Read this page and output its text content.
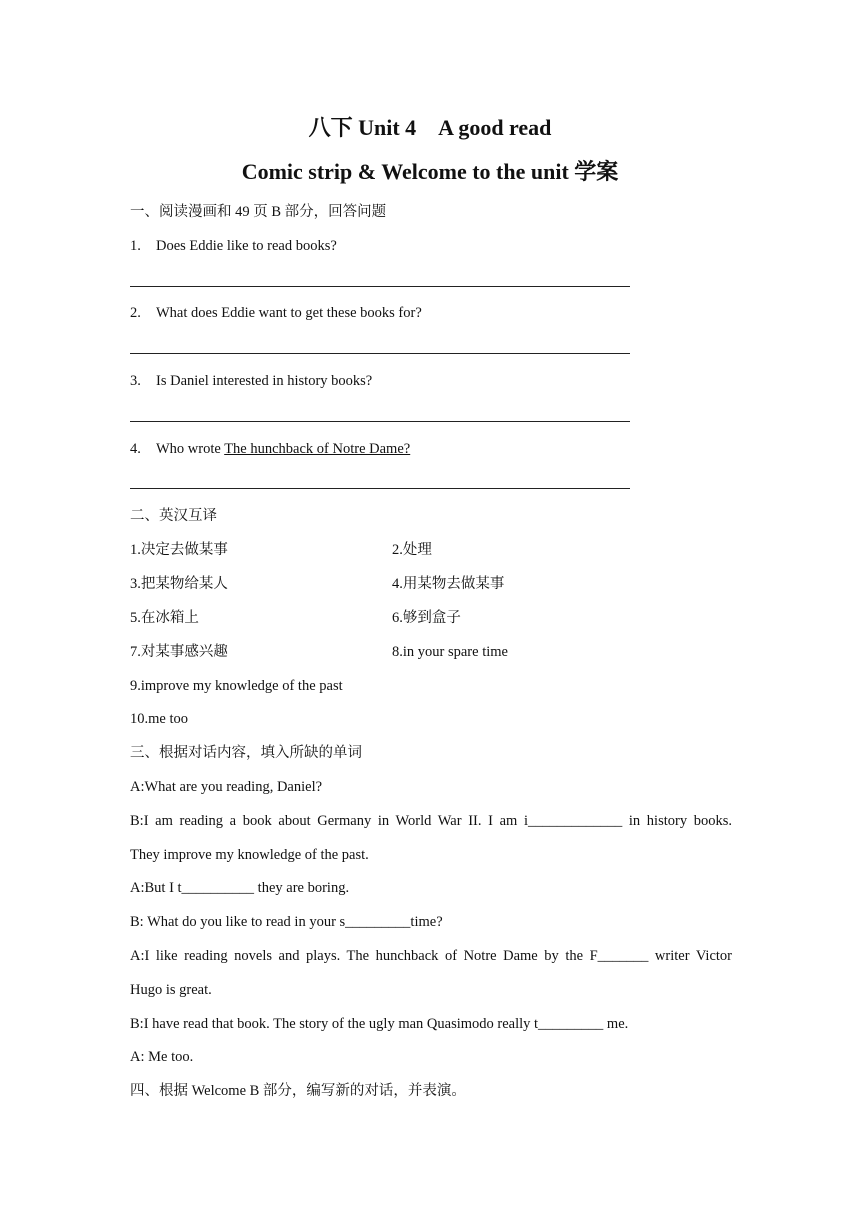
八下 Unit 4　A good read
Comic strip & Welcome to the unit 学案
一、阅读漫画和 49 页 B 部分，回答问题
1. Does Eddie like to read books?
2. What does Eddie want to get these books for?
3. Is Daniel interested in history books?
4. Who wrote The hunchback of Notre Dame?
二、英汉互译
1.决定去做某事	2.处理
3.把某物给某人	4.用某物去做某事
5.在冰箱上	6.够到盒子
7.对某事感兴趣	8.in your spare time
9.improve my knowledge of the past
10.me too
三、根据对话内容，填入所缺的单词
A:What are you reading, Daniel?
B:I am reading a book about Germany in World War II. I am i_____________ in history books.
They improve my knowledge of the past.
A:But I t__________ they are boring.
B: What do you like to read in your s_________time?
A:I like reading novels and plays. The hunchback of Notre Dame by the F_______ writer Victor
Hugo is great.
B:I have read that book. The story of the ugly man Quasimodo really t_________ me.
A: Me too.
四、根据 Welcome B 部分，编写新的对话，并表演。
